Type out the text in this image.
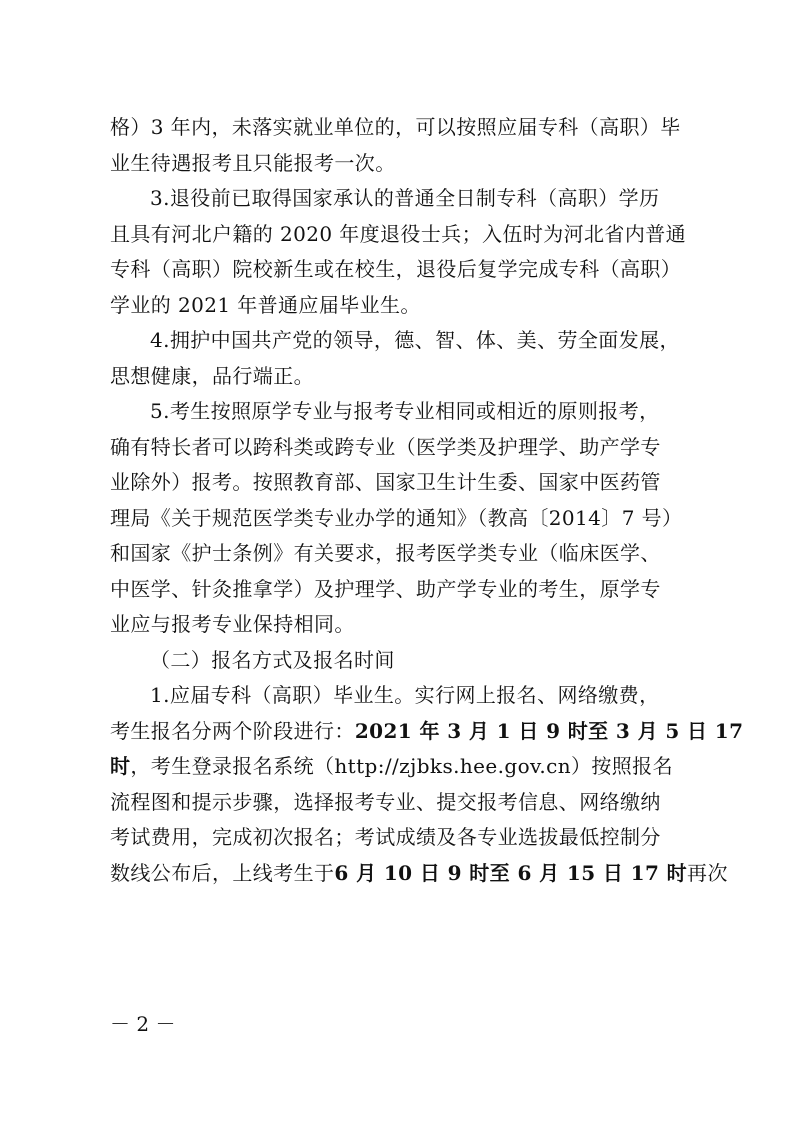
格）3 年内，未落实就业单位的，可以按照应届专科（高职）毕
业生待遇报考且只能报考一次。
3.退役前已取得国家承认的普通全日制专科（高职）学历
且具有河北户籍的 2020 年度退役士兵；入伍时为河北省内普通
专科（高职）院校新生或在校生，退役后复学完成专科（高职）
学业的 2021 年普通应届毕业生。
4.拥护中国共产党的领导，德、智、体、美、劳全面发展，
思想健康，品行端正。
5.考生按照原学专业与报考专业相同或相近的原则报考，
确有特长者可以跨科类或跨专业（医学类及护理学、助产学专
业除外）报考。按照教育部、国家卫生计生委、国家中医药管
理局《关于规范医学类专业办学的通知》（教高〔2014〕7 号）
和国家《护士条例》有关要求，报考医学类专业（临床医学、
中医学、针灸推拿学）及护理学、助产学专业的考生，原学专
业应与报考专业保持相同。
（二）报名方式及报名时间
1.应届专科（高职）毕业生。实行网上报名、网络缴费，
考生报名分两个阶段进行：2021 年 3 月 1 日 9 时至 3 月 5 日 17
时，考生登录报名系统（http://zjbks.hee.gov.cn）按照报名
流程图和提示步骤，选择报考专业、提交报考信息、网络缴纳
考试费用，完成初次报名；考试成绩及各专业选拔最低控制分
数线公布后，上线考生于6 月 10 日 9 时至 6 月 15 日 17 时再次
－ 2 －
